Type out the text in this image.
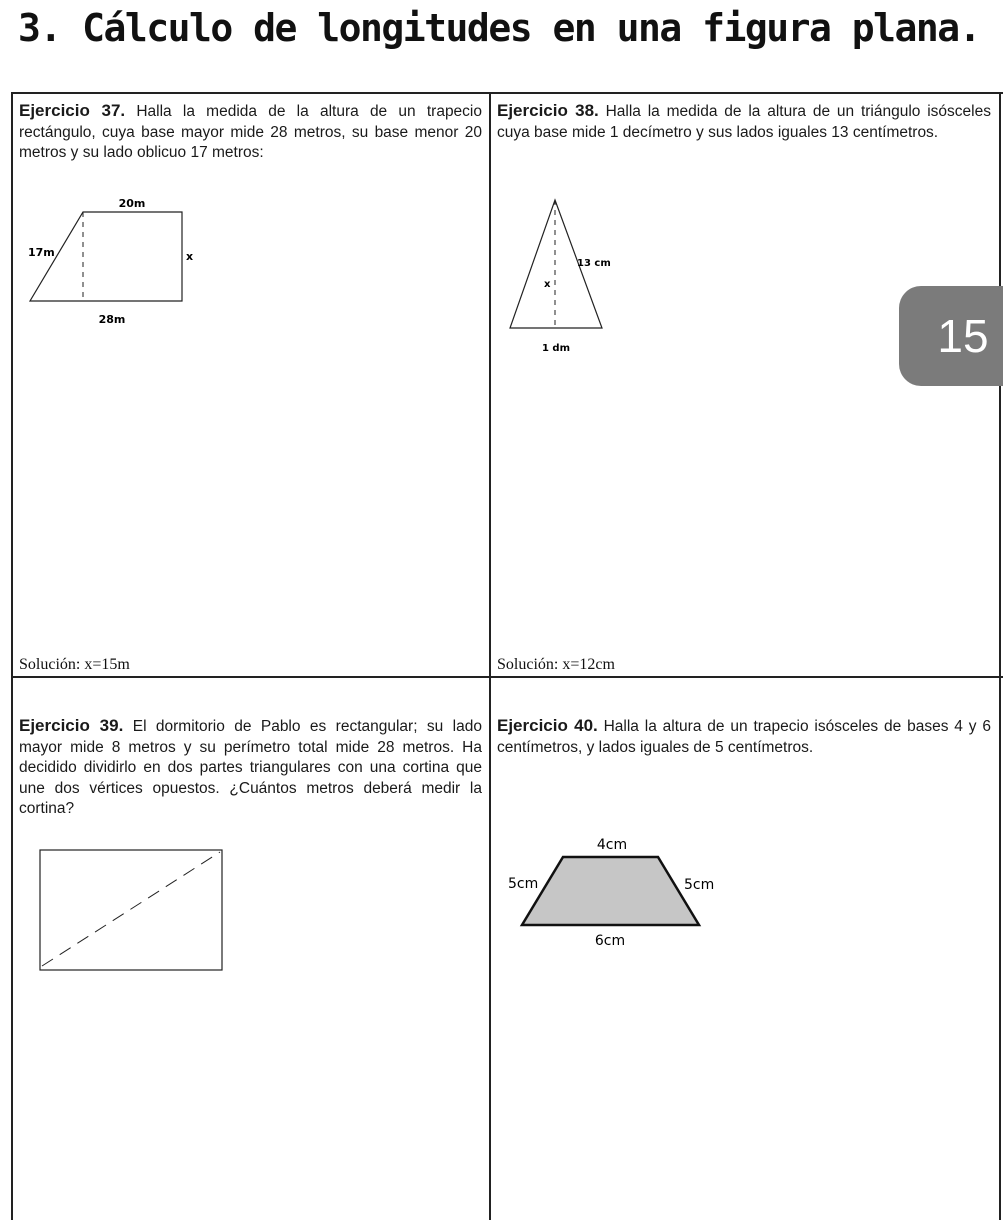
3. Cálculo de longitudes en una figura plana.
Ejercicio 37. Halla la medida de la altura de un trapecio rectángulo, cuya base mayor mide 28 metros, su base menor 20 metros y su lado oblicuo 17 metros:
20m
17m	x
28m
Solución: x=15m
Ejercicio 38. Halla la medida de la altura de un triángulo isósceles cuya base mide 1 decímetro y sus lados iguales 13 centímetros.
13 cm
x
1 dm
Solución: x=12cm
Ejercicio 39. El dormitorio de Pablo es rectangular; su lado mayor mide 8 metros y su perímetro total mide 28 metros. Ha decidido dividirlo en dos partes triangulares con una cortina que une dos vértices opuestos. ¿Cuántos metros deberá medir la cortina?
Ejercicio 40. Halla la altura de un trapecio isósceles de bases 4 y 6 centímetros, y lados iguales de 5 centímetros.
4cm
5cm	5cm
6cm
15
